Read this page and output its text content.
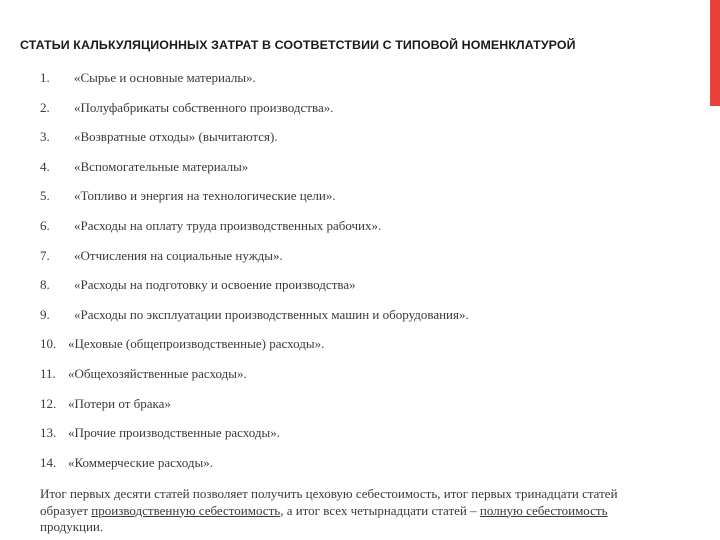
СТАТЬИ КАЛЬКУЛЯЦИОННЫХ ЗАТРАТ В СООТВЕТСТВИИ С ТИПОВОЙ НОМЕНКЛАТУРОЙ
1. «Сырье и основные материалы».
2. «Полуфабрикаты собственного производства».
3. «Возвратные отходы» (вычитаются).
4. «Вспомогательные материалы»
5. «Топливо и энергия на технологические цели».
6. «Расходы на оплату труда производственных рабочих».
7. «Отчисления на социальные нужды».
8. «Расходы на подготовку и освоение производства»
9. «Расходы по эксплуатации производственных машин и оборудования».
10. «Цеховые (общепроизводственные) расходы».
11. «Общехозяйственные расходы».
12. «Потери от брака»
13. «Прочие производственные расходы».
14. «Коммерческие расходы».
Итог первых десяти статей позволяет получить цеховую себестоимость, итог первых тринадцати статей образует производственную себестоимость, а итог всех четырнадцати статей – полную себестоимость продукции.
